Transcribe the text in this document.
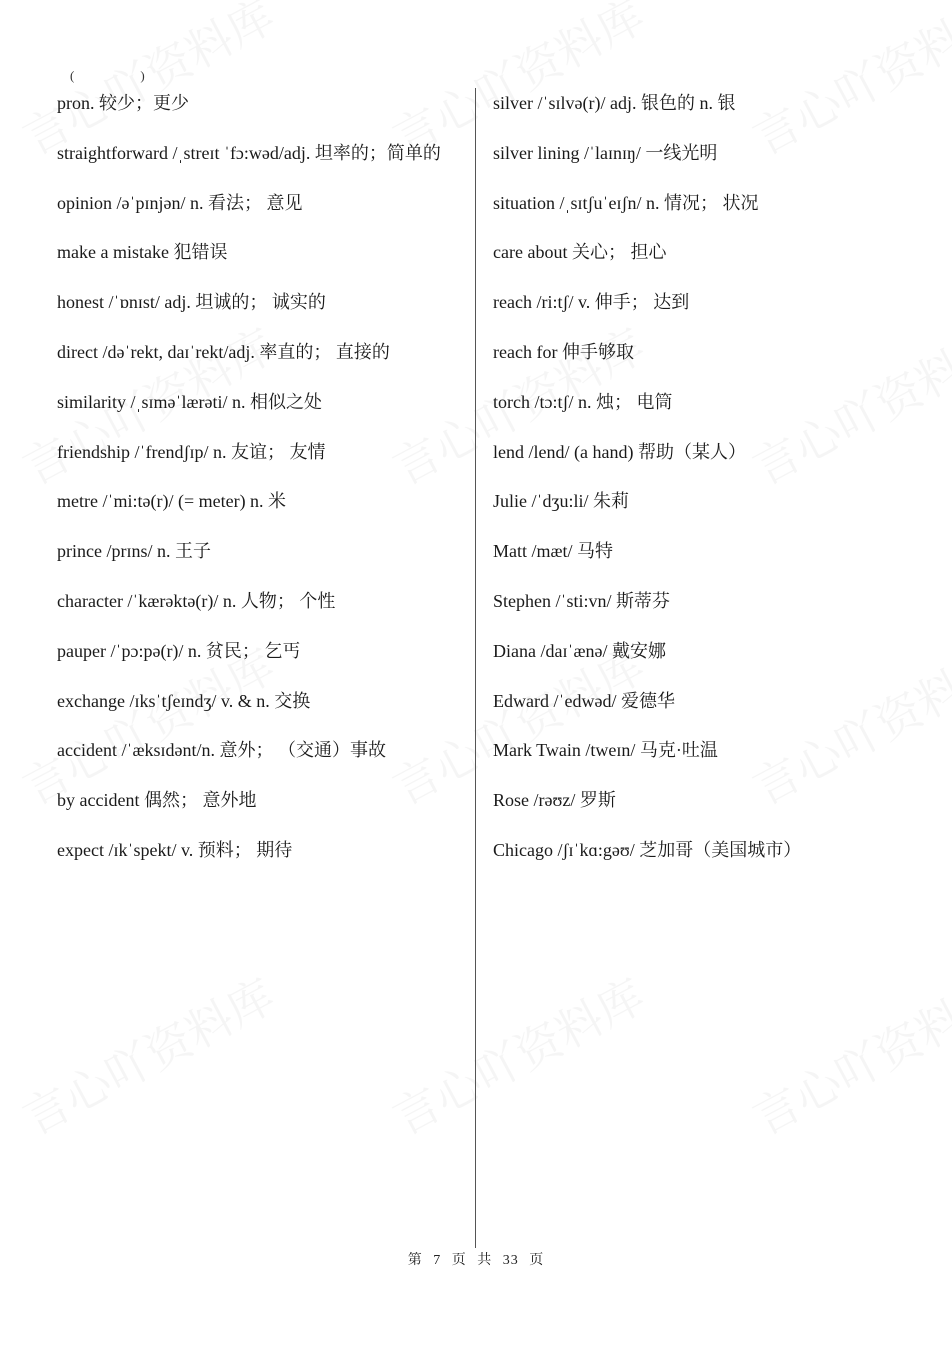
(	)
pron. 较少；更少
straightforward /ˌstreɪt ˈfɔ:wəd/adj. 坦率的；简单的
opinion /əˈpɪnjən/ n. 看法； 意见
make a mistake 犯错误
honest /ˈɒnɪst/ adj. 坦诚的； 诚实的
direct /dəˈrekt, daɪˈrekt/adj. 率直的； 直接的
similarity /ˌsɪməˈlærəti/ n. 相似之处
friendship /ˈfrendʃɪp/ n. 友谊； 友情
metre /ˈmi:tə(r)/ (= meter) n. 米
prince /prɪns/ n. 王子
character /ˈkærəktə(r)/ n. 人物； 个性
pauper /ˈpɔ:pə(r)/ n. 贫民； 乞丐
exchange /ɪksˈtʃeɪndʒ/ v. & n. 交换
accident /ˈæksɪdənt/n. 意外； （交通）事故
by accident 偶然； 意外地
expect /ɪkˈspekt/ v. 预料； 期待
silver /ˈsɪlvə(r)/ adj. 银色的 n. 银
silver lining /ˈlaɪnɪŋ/ 一线光明
situation /ˌsɪtʃuˈeɪʃn/ n. 情况； 状况
care about 关心； 担心
reach /ri:tʃ/ v. 伸手； 达到
reach for 伸手够取
torch /tɔ:tʃ/ n. 烛； 电筒
lend /lend/ (a hand) 帮助（某人）
Julie /ˈdʒu:li/ 朱莉
Matt /mæt/ 马特
Stephen /ˈsti:vn/ 斯蒂芬
Diana /daɪˈænə/ 戴安娜
Edward /ˈedwəd/ 爱德华
Mark Twain /tweɪn/ 马克·吐温
Rose /rəʊz/ 罗斯
Chicago /ʃɪˈkɑ:gəʊ/ 芝加哥（美国城市）
第 7 页 共 33 页
